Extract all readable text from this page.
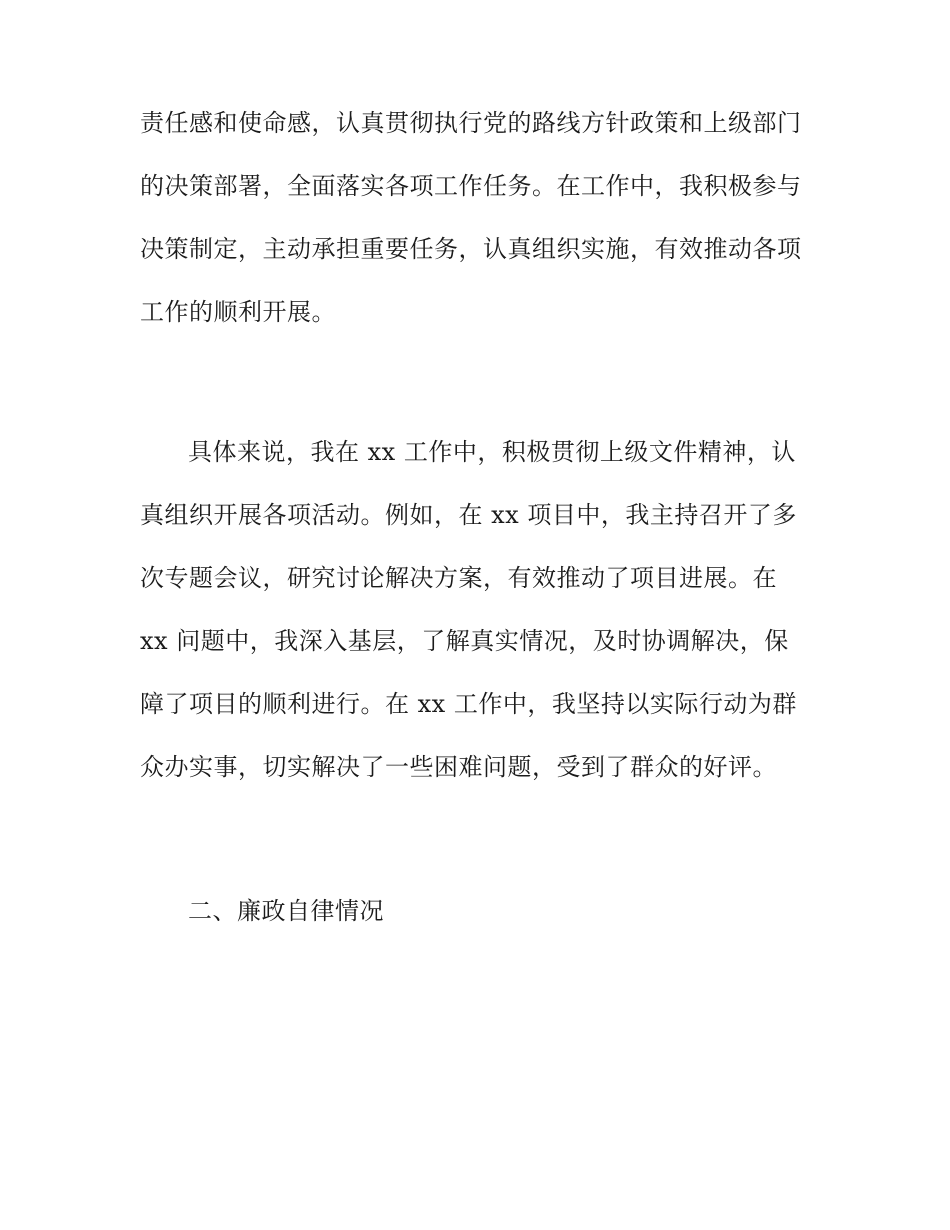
责任感和使命感，认真贯彻执行党的路线方针政策和上级部门
的决策部署，全面落实各项工作任务。在工作中，我积极参与
决策制定，主动承担重要任务，认真组织实施，有效推动各项
工作的顺利开展。
具体来说，我在 xx 工作中，积极贯彻上级文件精神，认
真组织开展各项活动。例如，在 xx 项目中，我主持召开了多
次专题会议，研究讨论解决方案，有效推动了项目进展。在
xx 问题中，我深入基层，了解真实情况，及时协调解决，保
障了项目的顺利进行。在 xx 工作中，我坚持以实际行动为群
众办实事，切实解决了一些困难问题，受到了群众的好评。
二、廉政自律情况
